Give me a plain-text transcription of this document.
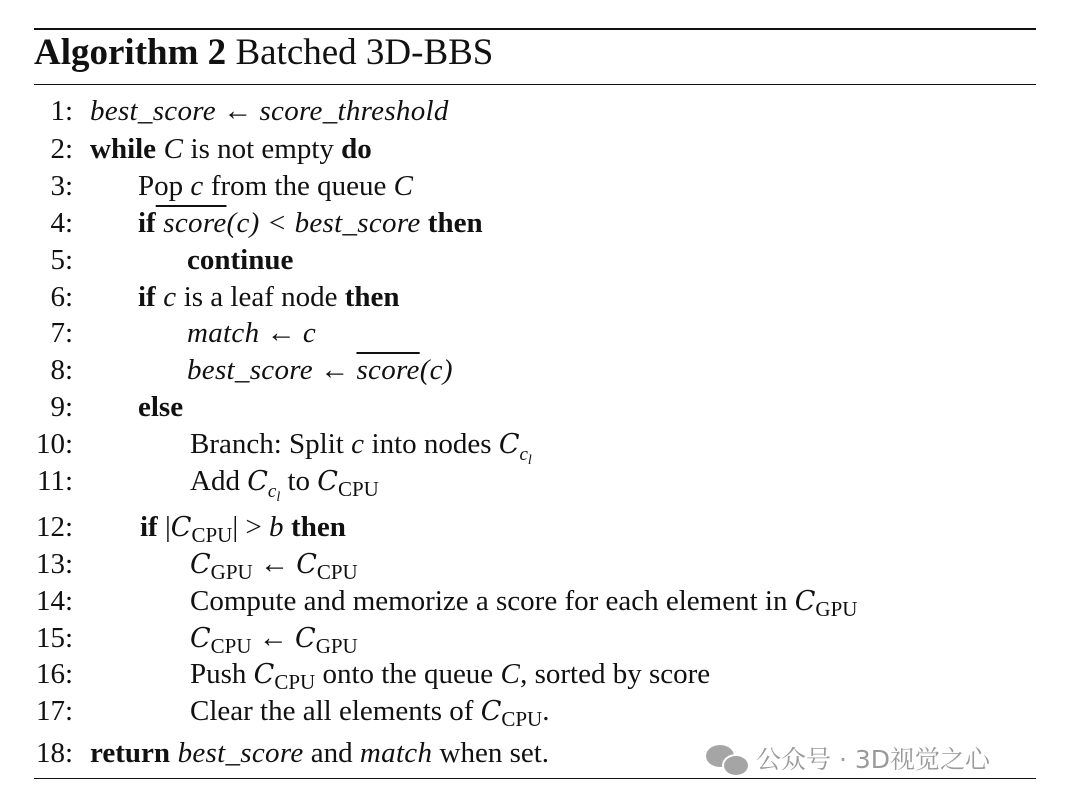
Algorithm 2 Batched 3D-BBS
1: best_score ← score_threshold
2: while C is not empty do
3: Pop c from the queue C
4: if score(c) < best_score then
5:	continue
6: if c is a leaf node then
7:	match ← c
8:	best_score ← score(c)
9: else
10:	Branch: Split c into nodes $C_{cl}$
11:	Add $C_{cl}$ to $C_{CPU}$
12: if $|C_{CPU}| > b$ then
13:	$C_{GPU}$ ← $C_{CPU}$
14:	Compute and memorize a score for each element in $C_{GPU}$
15:	$C_{CPU}$ ← $C_{GPU}$
16:	Push $C_{CPU}$ onto the queue C, sorted by score
17:	Clear the all elements of $C_{CPU}$.
18: return best_score and match when set.	公众号 · 3D视觉之心
